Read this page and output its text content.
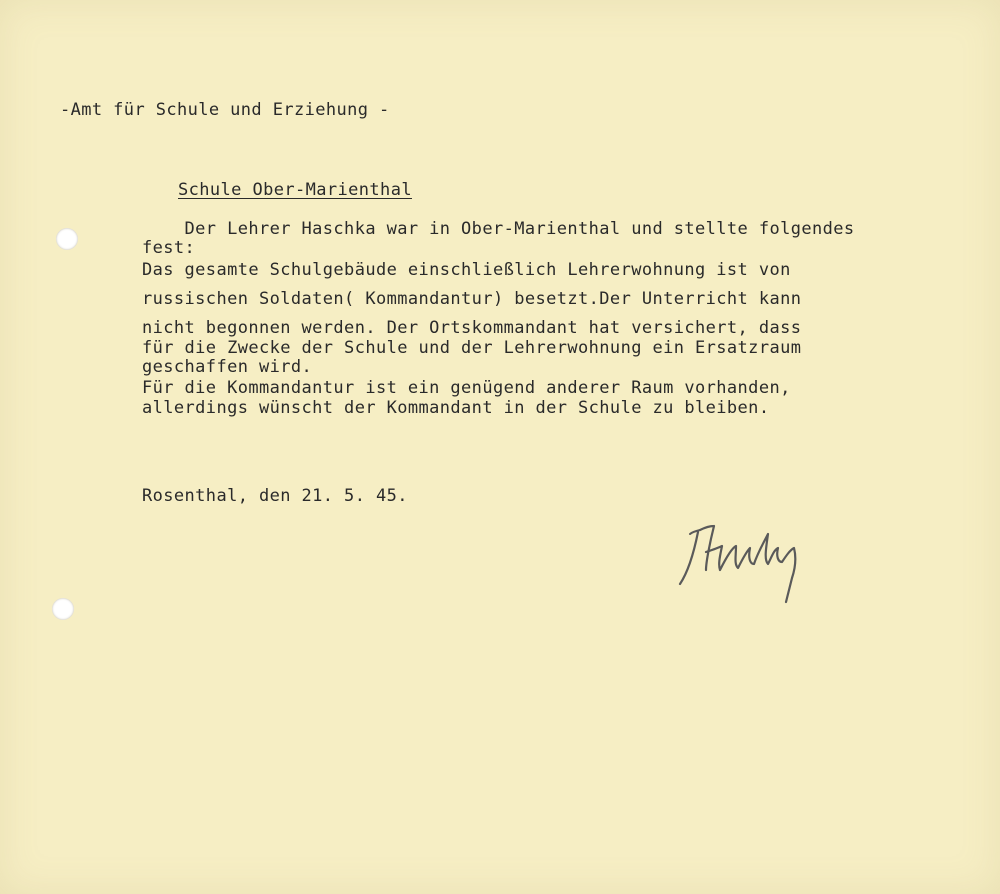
-Amt für Schule und Erziehung -

Schule Ober-Marienthal

Der Lehrer Haschka war in Ober-Marienthal und stellte folgendes

fest:

Das gesamte Schulgebäude einschließlich Lehrerwohnung ist von

russischen Soldaten( Kommandantur) besetzt.Der Unterricht kann

nicht begonnen werden. Der Ortskommandant hat versichert, dass

für die Zwecke der Schule und der Lehrerwohnung ein Ersatzraum

geschaffen wird.

Für die Kommandantur ist ein genügend anderer Raum vorhanden,

allerdings wünscht der Kommandant in der Schule zu bleiben.

Rosenthal, den 21. 5. 45.
